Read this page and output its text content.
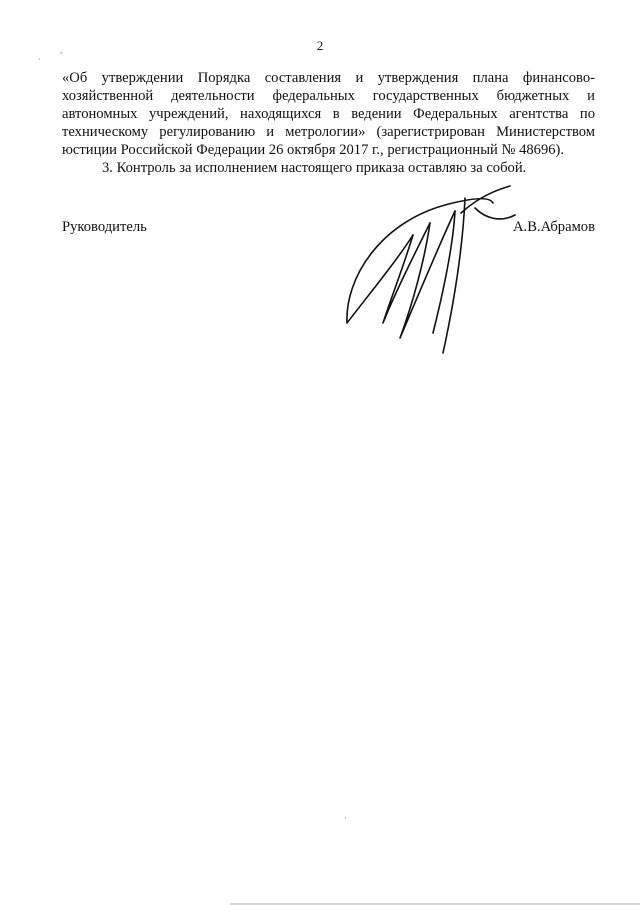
2
,
`
·

«Об утверждении Порядка составления и утверждения плана финансово-хозяйственной деятельности федеральных государственных бюджетных и автономных учреждений, находящихся в ведении Федеральных агентства по техническому регулированию и метрологии» (зарегистрирован Министерством юстиции Российской Федерации 26 октября 2017 г., регистрационный № 48696).

3. Контроль за исполнением настоящего приказа оставляю за собой.

Руководитель	А.В.Абрамов
